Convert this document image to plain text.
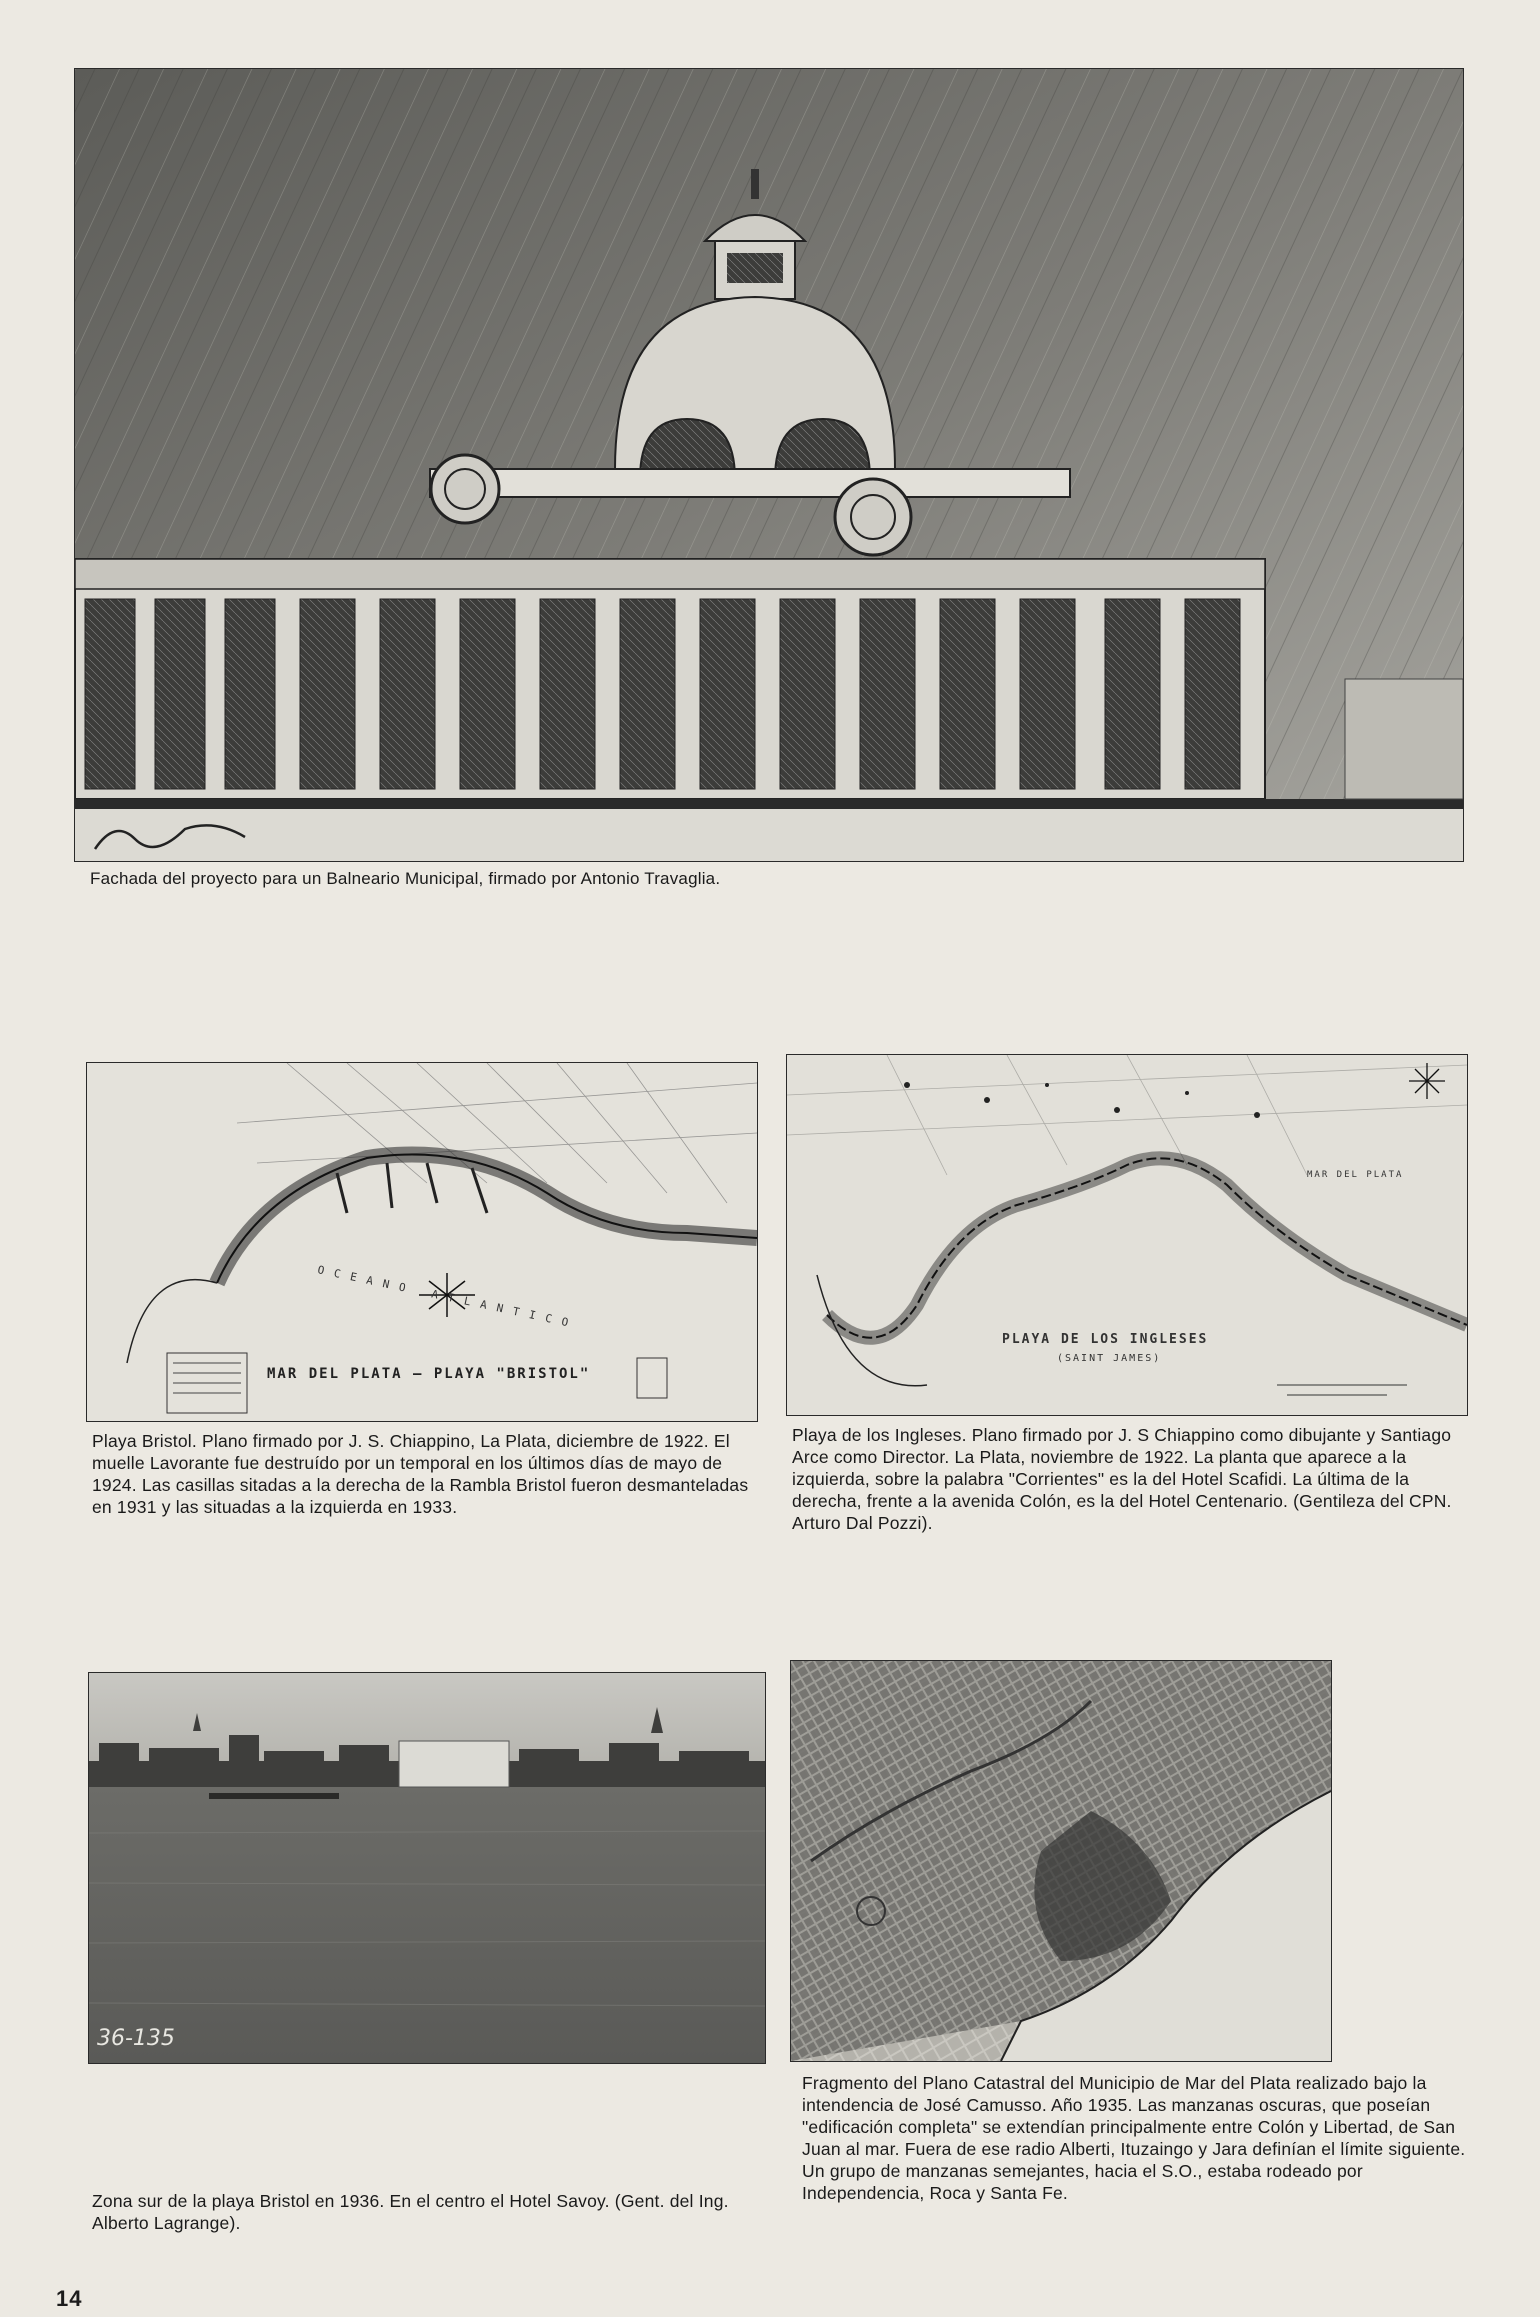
Fachada del proyecto para un Balneario Municipal, firmado por Antonio Travaglia.
OCEANO ATLANTICO
MAR DEL PLATA — PLAYA "BRISTOL"
Playa Bristol. Plano firmado por J. S. Chiappino, La Plata, diciembre de 1922. El muelle Lavorante fue destruído por un temporal en los últimos días de mayo de 1924. Las casillas sitadas a la derecha de la Rambla Bristol fueron desmanteladas en 1931 y las situadas a la izquierda en 1933.
MAR DEL PLATA
PLAYA DE LOS INGLESES
(SAINT JAMES)
Playa de los Ingleses. Plano firmado por J. S Chiappino como dibujante y Santiago Arce como Director. La Plata, noviembre de 1922. La planta que aparece a la izquierda, sobre la palabra "Corrientes" es la del Hotel Scafidi. La última de la derecha, frente a la avenida Colón, es la del Hotel Centenario. (Gentileza del CPN. Arturo Dal Pozzi).
36-135
Zona sur de la playa Bristol en 1936. En el centro el Hotel Savoy. (Gent. del Ing. Alberto Lagrange).
Fragmento del Plano Catastral del Municipio de Mar del Plata realizado bajo la intendencia de José Camusso. Año 1935. Las manzanas oscuras, que poseían "edificación completa" se extendían principalmente entre Colón y Libertad, de San Juan al mar. Fuera de ese radio Alberti, Ituzaingo y Jara definían el límite siguiente. Un grupo de manzanas semejantes, hacia el S.O., estaba rodeado por Independencia, Roca y Santa Fe.
14
